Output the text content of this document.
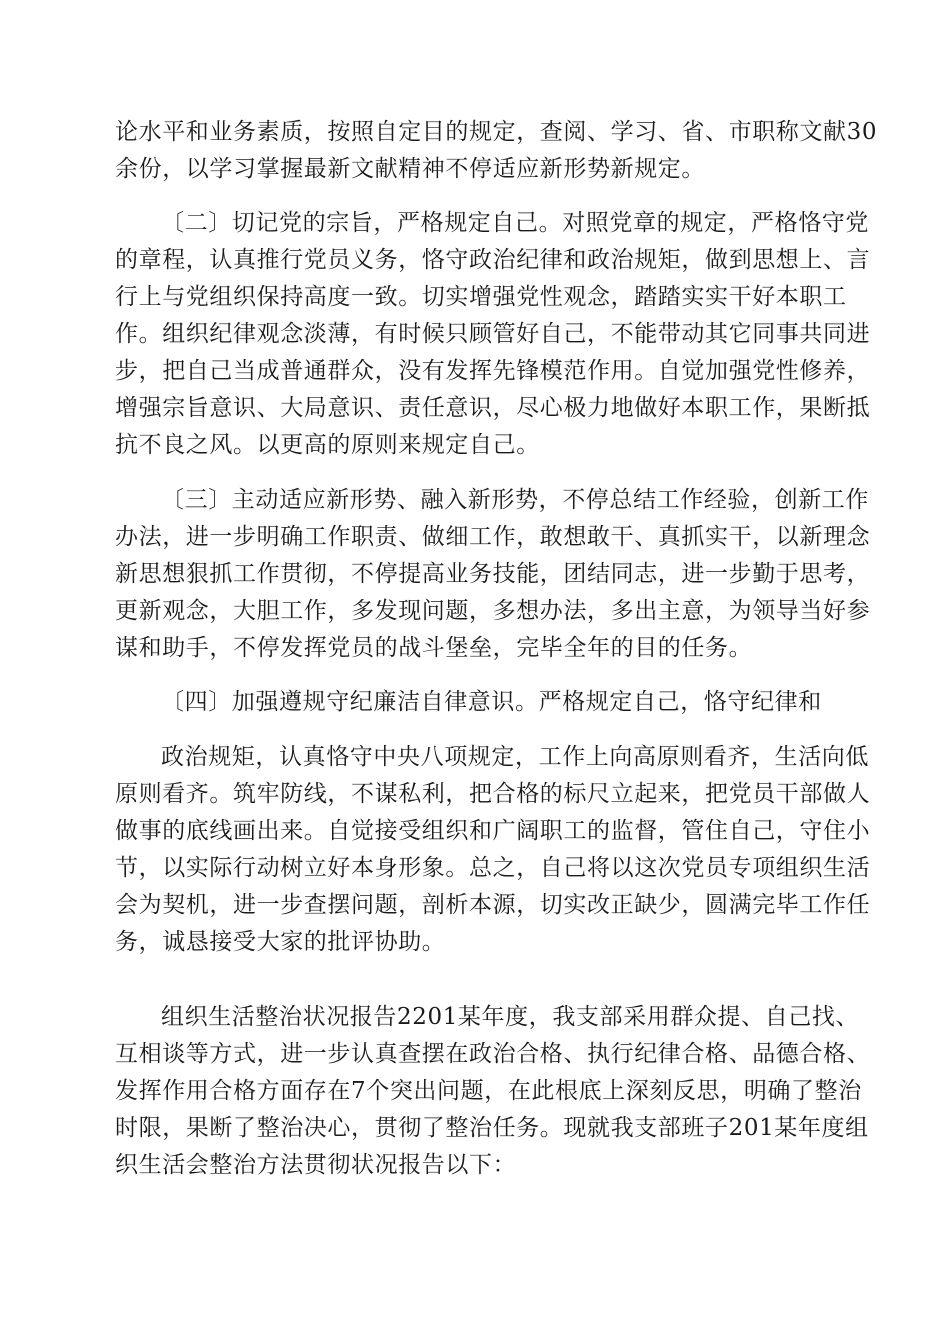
论水平和业务素质，按照自定目的规定，查阅、学习、省、市职称文献30
余份，以学习掌握最新文献精神不停适应新形势新规定。
〔二〕切记党的宗旨，严格规定自己。对照党章的规定，严格恪守党
的章程，认真推行党员义务，恪守政治纪律和政治规矩，做到思想上、言
行上与党组织保持高度一致。切实增强党性观念，踏踏实实干好本职工
作。组织纪律观念淡薄，有时候只顾管好自己，不能带动其它同事共同进
步，把自己当成普通群众，没有发挥先锋模范作用。自觉加强党性修养，
增强宗旨意识、大局意识、责任意识，尽心极力地做好本职工作，果断抵
抗不良之风。以更高的原则来规定自己。
〔三〕主动适应新形势、融入新形势，不停总结工作经验，创新工作
办法，进一步明确工作职责、做细工作，敢想敢干、真抓实干，以新理念
新思想狠抓工作贯彻，不停提高业务技能，团结同志，进一步勤于思考，
更新观念，大胆工作，多发现问题，多想办法，多出主意，为领导当好参
谋和助手，不停发挥党员的战斗堡垒，完毕全年的目的任务。
〔四〕加强遵规守纪廉洁自律意识。严格规定自己，恪守纪律和
政治规矩，认真恪守中央八项规定，工作上向高原则看齐，生活向低
原则看齐。筑牢防线，不谋私利，把合格的标尺立起来，把党员干部做人
做事的底线画出来。自觉接受组织和广阔职工的监督，管住自己，守住小
节，以实际行动树立好本身形象。总之，自己将以这次党员专项组织生活
会为契机，进一步查摆问题，剖析本源，切实改正缺少，圆满完毕工作任
务，诚恳接受大家的批评协助。
组织生活整治状况报告2201某年度，我支部采用群众提、自己找、
互相谈等方式，进一步认真查摆在政治合格、执行纪律合格、品德合格、
发挥作用合格方面存在7个突出问题，在此根底上深刻反思，明确了整治
时限，果断了整治决心，贯彻了整治任务。现就我支部班子201某年度组
织生活会整治方法贯彻状况报告以下：
